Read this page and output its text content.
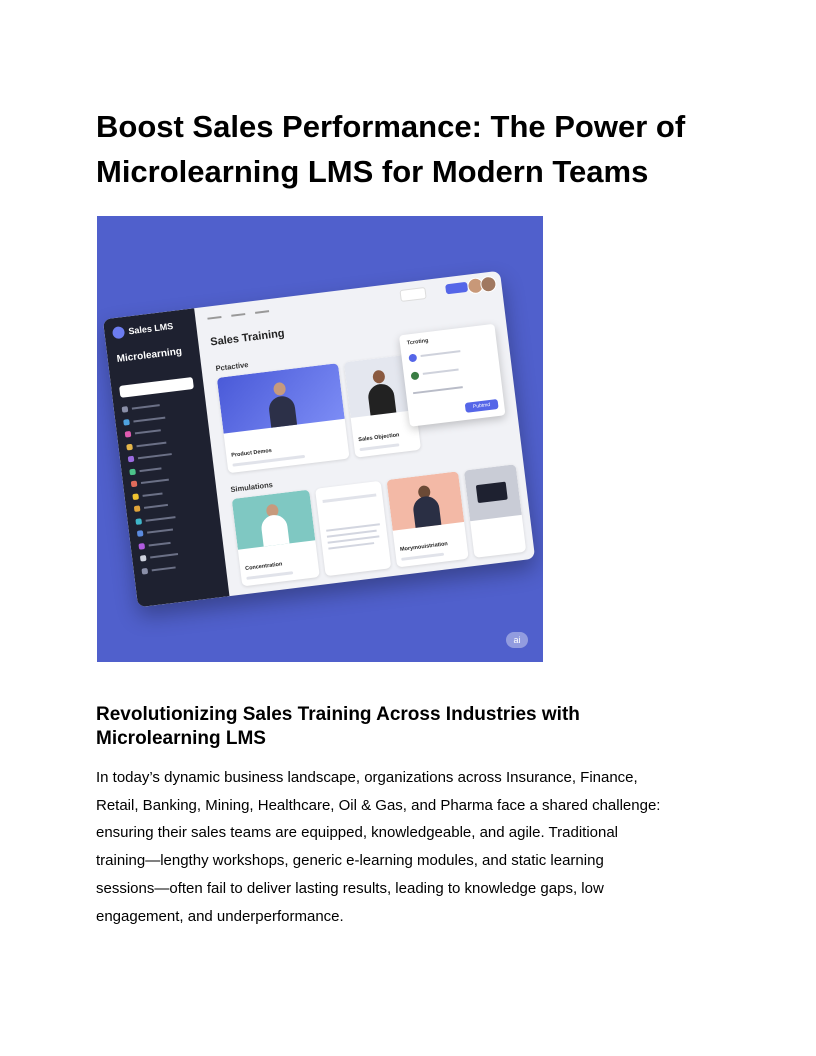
Boost Sales Performance: The Power of
Microlearning LMS for Modern Teams
Sales LMS
Microlearning

Sales Training
Pctactive
Simulations
Product Demos
Sales Objection
Concentration
Morymouistriation
Tcroting
Pubtmd
ai
Revolutionizing Sales Training Across Industries with
Microlearning LMS

In today’s dynamic business landscape, organizations across Insurance, Finance,
Retail, Banking, Mining, Healthcare, Oil & Gas, and Pharma face a shared challenge:
ensuring their sales teams are equipped, knowledgeable, and agile. Traditional
training—lengthy workshops, generic e-learning modules, and static learning
sessions—often fail to deliver lasting results, leading to knowledge gaps, low
engagement, and underperformance.
